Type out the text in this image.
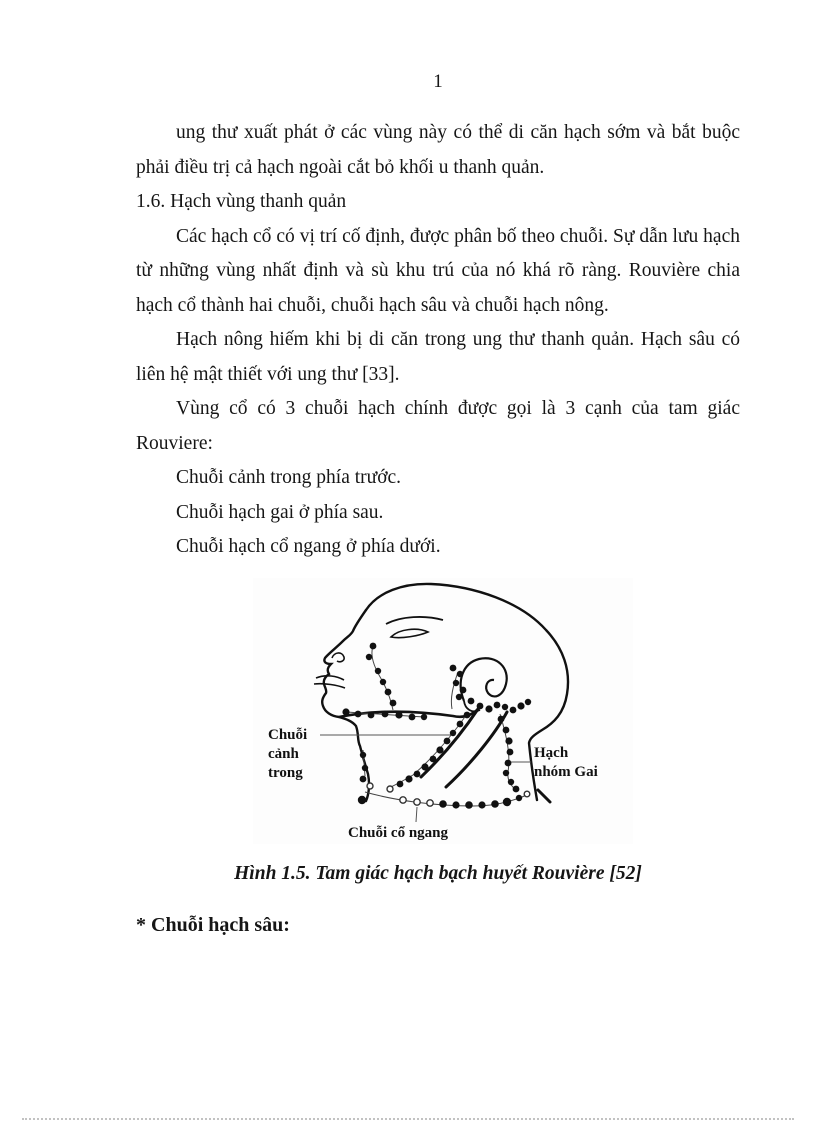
1

ung thư xuất phát ở các vùng này có thể di căn hạch sớm và bắt buộc phải điều trị cả hạch ngoài cắt bỏ khối u thanh quản.

1.6. Hạch vùng thanh quản

Các hạch cổ có vị trí cố định, được phân bố theo chuỗi. Sự dẫn lưu hạch từ những vùng nhất định và sù khu trú của nó khá rõ ràng. Rouvière chia hạch cổ thành hai chuỗi, chuỗi hạch sâu và chuỗi hạch nông.

Hạch nông hiếm khi bị di căn trong ung thư thanh quản. Hạch sâu có liên hệ mật thiết với ung thư [33].

Vùng cổ có 3 chuỗi hạch chính được gọi là 3 cạnh của tam giác Rouviere:

Chuỗi cảnh trong phía trước.

Chuỗi hạch gai ở phía sau.

Chuỗi hạch cổ ngang ở phía dưới.

Chuỗi
cảnh
trong
Hạch
nhóm Gai
Chuỗi cổ ngang

Hình 1.5. Tam giác hạch bạch huyết Rouvière [52]

* Chuỗi hạch sâu:
